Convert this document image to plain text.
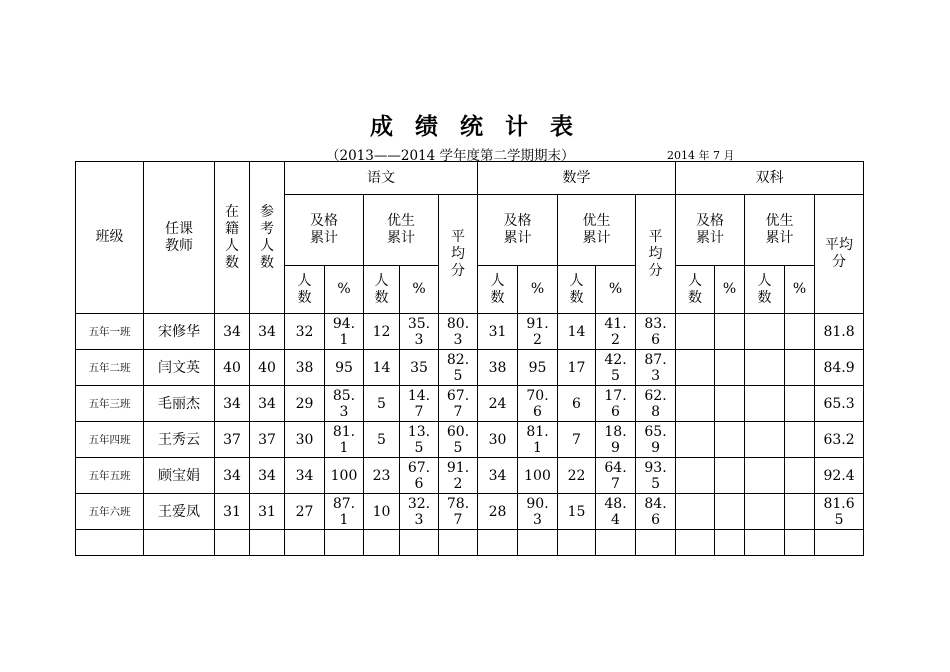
成 绩 统 计 表
（2013——2014 学年度第二学期期末）	2014 年 7 月
班级	任课教师	在籍人数	参考人数	语文					数学					双科				
				及格累计		优生累计		平均分	及格累计		优生累计		平均分	及格累计		优生累计		平均分
				人数	%	人数	%		人数	%	人数	%		人数	%	人数	%	
五年一班	宋修华	34	34	32	94.1	12	35.3	80.3	31	91.2	14	41.2	83.6					81.8
五年二班	闫文英	40	40	38	95	14	35	82.5	38	95	17	42.5	87.3					84.9
五年三班	毛丽杰	34	34	29	85.3	5	14.7	67.7	24	70.6	6	17.6	62.8					65.3
五年四班	王秀云	37	37	30	81.1	5	13.5	60.5	30	81.1	7	18.9	65.9					63.2
五年五班	顾宝娟	34	34	34	100	23	67.6	91.2	34	100	22	64.7	93.5					92.4
五年六班	王爱凤	31	31	27	87.1	10	32.3	78.7	28	90.3	15	48.4	84.6					81.65
